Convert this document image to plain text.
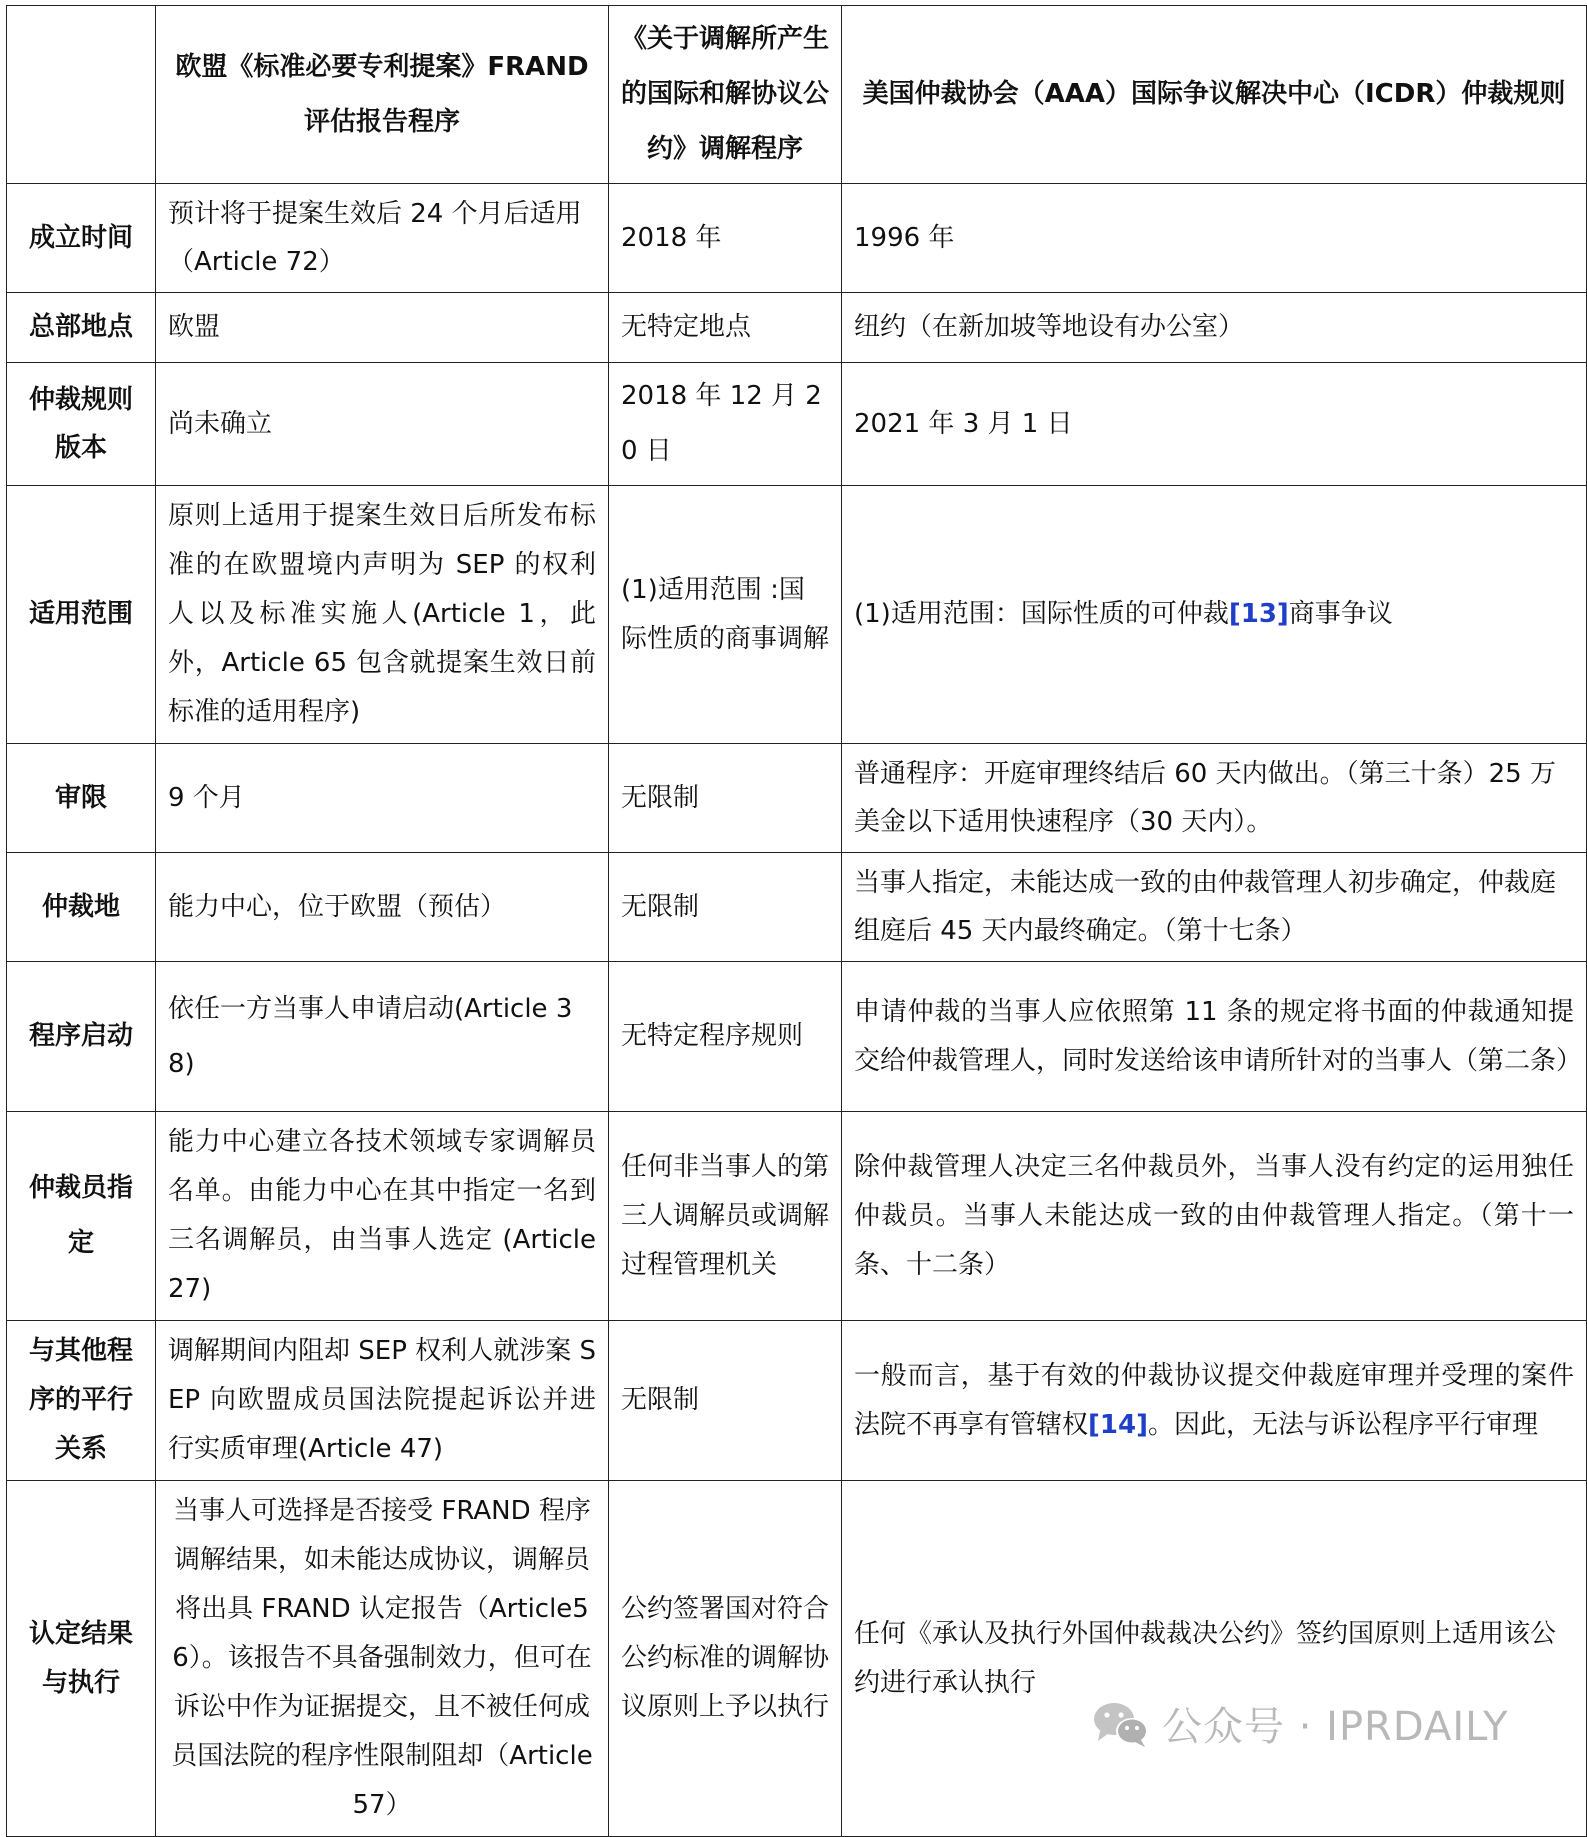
	欧盟《标准必要专利提案》FRAND 评估报告程序	《关于调解所产生的国际和解协议公约》调解程序	美国仲裁协会（AAA）国际争议解决中心（ICDR）仲裁规则
成立时间	预计将于提案生效后 24 个月后适用（Article 72）	2018 年	1996 年
总部地点	欧盟	无特定地点	纽约（在新加坡等地设有办公室）
仲裁规则版本	尚未确立	2018 年 12 月 20 日	2021 年 3 月 1 日
适用范围	原则上适用于提案生效日后所发布标准的在欧盟境内声明为 SEP 的权利人以及标准实施人(Article 1，此外，Article 65 包含就提案生效日前标准的适用程序)	(1)适用范围 :国际性质的商事调解	(1)适用范围：国际性质的可仲裁[13]商事争议
审限	9 个月	无限制	普通程序：开庭审理终结后 60 天内做出。（第三十条）25 万美金以下适用快速程序（30 天内）。
仲裁地	能力中心，位于欧盟（预估）	无限制	当事人指定，未能达成一致的由仲裁管理人初步确定，仲裁庭组庭后 45 天内最终确定。（第十七条）
程序启动	依任一方当事人申请启动(Article 38)	无特定程序规则	申请仲裁的当事人应依照第 11 条的规定将书面的仲裁通知提交给仲裁管理人，同时发送给该申请所针对的当事人（第二条）
仲裁员指定	能力中心建立各技术领域专家调解员名单。由能力中心在其中指定一名到三名调解员，由当事人选定 (Article 27)	任何非当事人的第三人调解员或调解过程管理机关	除仲裁管理人决定三名仲裁员外，当事人没有约定的运用独任仲裁员。当事人未能达成一致的由仲裁管理人指定。（第十一条、十二条）
与其他程序的平行关系	调解期间内阻却 SEP 权利人就涉案 SEP 向欧盟成员国法院提起诉讼并进行实质审理(Article 47)	无限制	一般而言，基于有效的仲裁协议提交仲裁庭审理并受理的案件法院不再享有管辖权[14]。因此，无法与诉讼程序平行审理
认定结果与执行	当事人可选择是否接受 FRAND 程序调解结果，如未能达成协议，调解员将出具 FRAND 认定报告（Article56）。该报告不具备强制效力，但可在诉讼中作为证据提交，且不被任何成员国法院的程序性限制阻却（Article 57）	公约签署国对符合公约标准的调解协议原则上予以执行	任何《承认及执行外国仲裁裁决公约》签约国原则上适用该公约进行承认执行
公众号 · IPRDAILY
